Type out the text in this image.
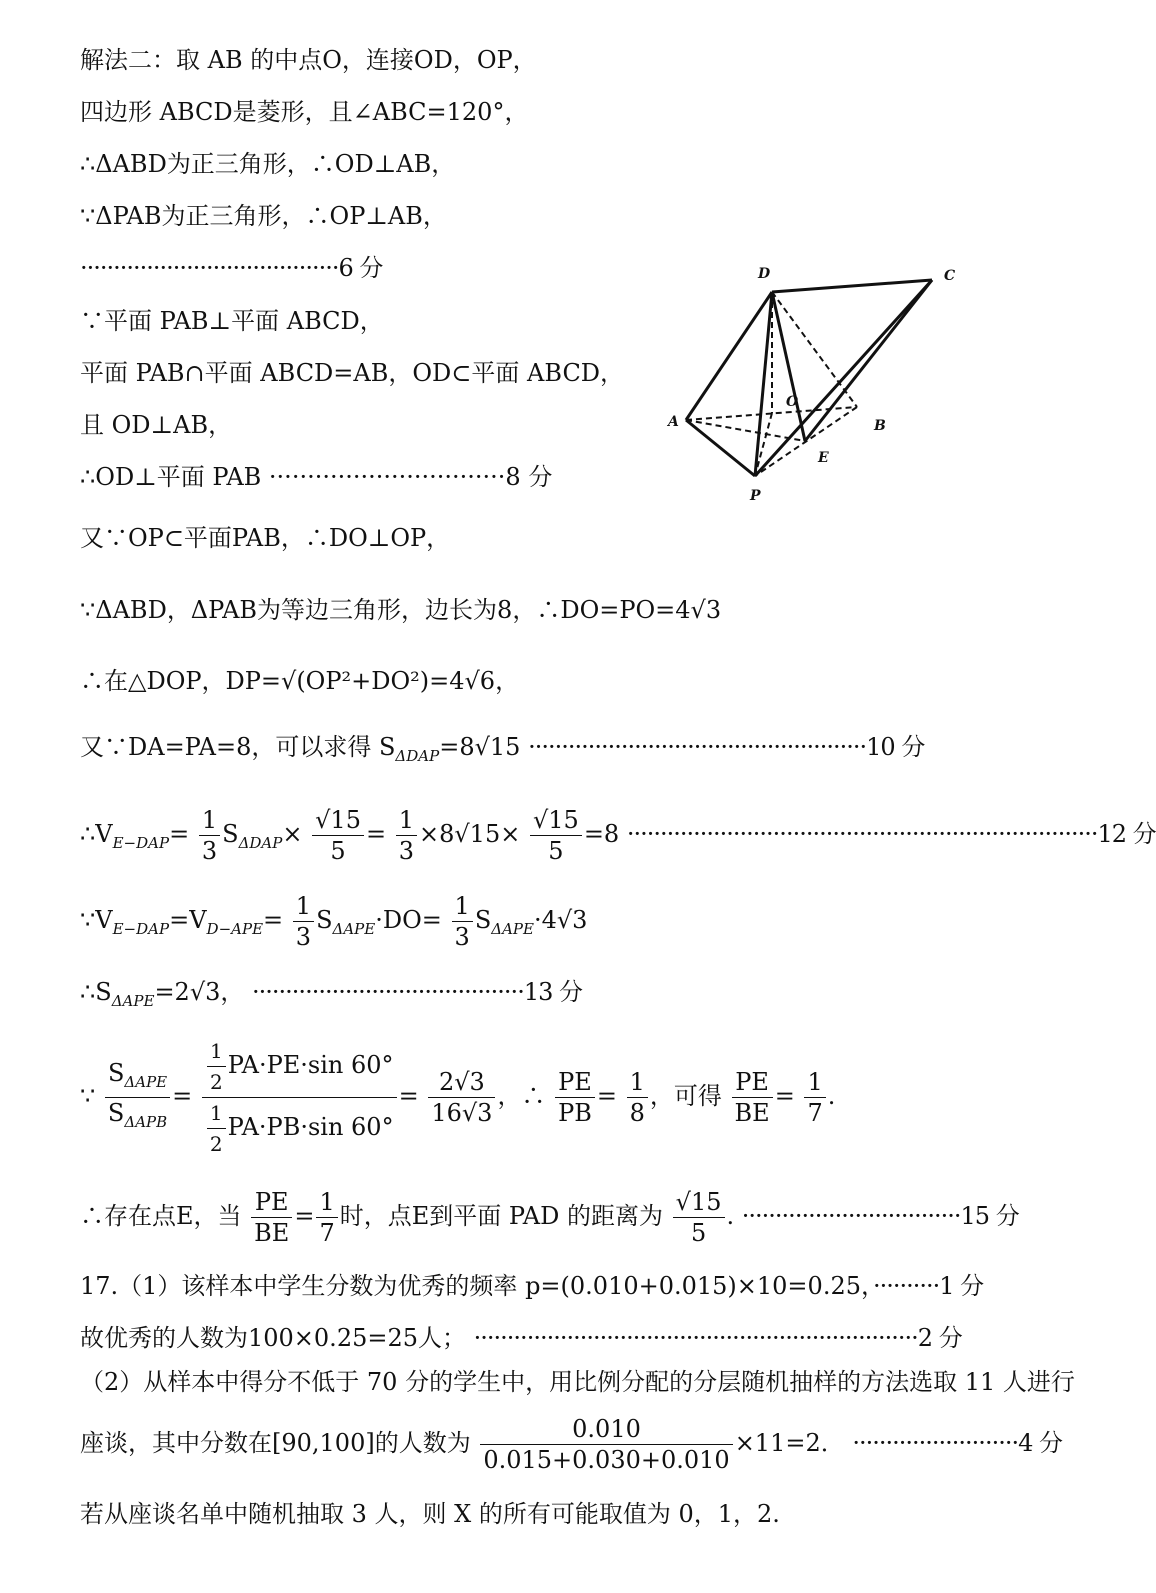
解法二：取 AB 的中点O，连接OD，OP，
四边形 ABCD是菱形，且∠ABC=120°，
∴ΔABD为正三角形，∴OD⊥AB，
∵ΔPAB为正三角形，∴OP⊥AB，
·······································6 分
∵平面 PAB⊥平面 ABCD，
平面 PAB∩平面 ABCD=AB，OD⊂平面 ABCD，
且 OD⊥AB，
∴OD⊥平面 PAB ·······························8 分
又∵OP⊂平面PAB，∴DO⊥OP，
∵ΔABD，ΔPAB为等边三角形，边长为8，∴DO=PO=4√3
∴在△DOP，DP=√(OP²+DO²)=4√6，
又∵DA=PA=8，可以求得 $S_{\Delta DAP}=8√15 \cdot\cdot\cdot\cdot\cdot\cdot\cdot\cdot\cdot\cdot\cdot\cdot\cdot\cdot\cdot\cdot\cdot\cdot\cdot\cdot\cdot\cdot\cdot\cdot\cdot\cdot\cdot\cdot\cdot\cdot\cdot\cdot\cdot\cdot\cdot\cdot\cdot\cdot\cdot\cdot\cdot\cdot\cdot\cdot\cdot\cdot\cdot\cdot\cdot\cdot\cdot 10$ 分
$\therefore V_{E-DAP}= \frac{1}{3} S_{\Delta DAP}\times \frac{√15}{5} = \frac{1}{3} \times 8√15\times \frac{√15}{5} =8 \cdot\cdot\cdot\cdot\cdot\cdot\cdot\cdot\cdot\cdot\cdot\cdot\cdot\cdot\cdot\cdot\cdot\cdot\cdot\cdot\cdot\cdot\cdot\cdot\cdot\cdot\cdot\cdot\cdot\cdot\cdot\cdot\cdot\cdot\cdot\cdot\cdot\cdot\cdot\cdot\cdot\cdot\cdot\cdot\cdot\cdot\cdot\cdot\cdot\cdot\cdot\cdot\cdot\cdot\cdot\cdot\cdot\cdot\cdot\cdot\cdot\cdot\cdot\cdot\cdot\cdot\cdot\cdot\cdot\cdot\cdot 12$ 分
$\because V_{E-DAP}=V_{D-APE}= \frac{1}{3} S_{\Delta APE}\cdot DO= \frac{1}{3} S_{\Delta APE}\cdot 4√3$
$\therefore S_{\Delta APE}=2√3$， ·········································13 分
∵ $\frac{S_{\Delta APE}}{S_{\Delta APB}} = \frac{\frac{1}{2} PA\cdot PE\cdot\sin 60^\circ}{\frac{1}{2} PA\cdot PB\cdot\sin 60^\circ} = \frac{2√3}{16√3}$ ，∴ $\frac{PE}{PB} = \frac{1}{8}$ ，可得 $\frac{PE}{BE} = \frac{1}{7}$ .
∴存在点E，当 $\frac{PE}{BE} = \frac{1}{7}$ 时，点E到平面 PAD 的距离为 $\frac{√15}{5}$ . ·································15 分
17.（1）该样本中学生分数为优秀的频率 p=(0.010+0.015)×10=0.25，··········1 分
故优秀的人数为100×0.25=25人； ···································································2 分
（2）从样本中得分不低于 70 分的学生中，用比例分配的分层随机抽样的方法选取 11 人进行
座谈，其中分数在[90,100]的人数为 $\frac{0.010}{0.015+0.030+0.010} \times 11=2$． ·························4 分
若从座谈名单中随机抽取 3 人，则 X 的所有可能取值为 0，1，2.
D	C
A	B
O
E
P
